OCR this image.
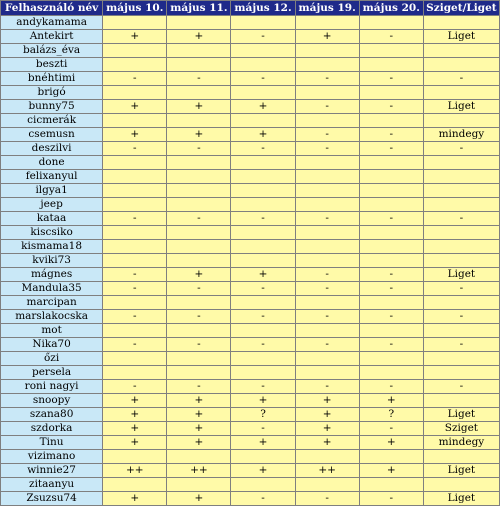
Felhasználó név	május 10.	május 11.	május 12.	május 19.	május 20.	Sziget/Liget
andykamama						
Antekirt	+	+	-	+	-	Liget
balázs_éva						
beszti						
bnéhtimi	-	-	-	-	-	-
brigó						
bunny75	+	+	+	-	-	Liget
cicmerák						
csemusn	+	+	+	-	-	mindegy
deszilvi	-	-	-	-	-	-
done						
felixanyul						
ilgya1						
jeep						
kataa	-	-	-	-	-	-
kiscsiko						
kismama18						
kviki73						
mágnes	-	+	+	-	-	Liget
Mandula35	-	-	-	-	-	-
marcipan						
marslakocska	-	-	-	-	-	-
mot						
Nika70	-	-	-	-	-	-
őzi						
persela						
roni nagyi	-	-	-	-	-	-
snoopy	+	+	+	+	+	
szana80	+	+	?	+	?	Liget
szdorka	+	+	-	+	-	Sziget
Tinu	+	+	+	+	+	mindegy
vizimano						
winnie27	++	++	+	++	+	Liget
zitaanyu						
Zsuzsu74	+	+	-	-	-	Liget
